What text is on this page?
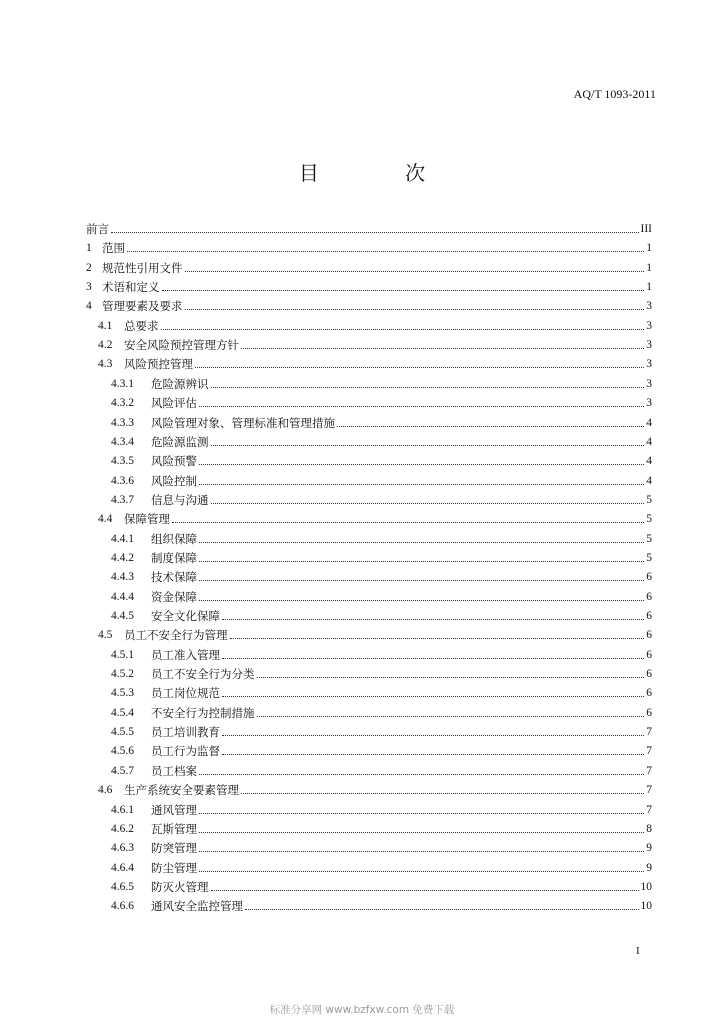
AQ/T 1093-2011
目 次
前言	III
1 范围	1
2 规范性引用文件	1
3 术语和定义	1
4 管理要素及要求	3
4.1	总要求	3
4.2	安全风险预控管理方针	3
4.3	风险预控管理	3
4.3.1	危险源辨识	3
4.3.2	风险评估	3
4.3.3	风险管理对象、管理标准和管理措施	4
4.3.4	危险源监测	4
4.3.5	风险预警	4
4.3.6	风险控制	4
4.3.7	信息与沟通	5
4.4	保障管理	5
4.4.1	组织保障	5
4.4.2	制度保障	5
4.4.3	技术保障	6
4.4.4	资金保障	6
4.4.5	安全文化保障	6
4.5	员工不安全行为管理	6
4.5.1	员工准入管理	6
4.5.2	员工不安全行为分类	6
4.5.3	员工岗位规范	6
4.5.4	不安全行为控制措施	6
4.5.5	员工培训教育	7
4.5.6	员工行为监督	7
4.5.7	员工档案	7
4.6	生产系统安全要素管理	7
4.6.1	通风管理	7
4.6.2	瓦斯管理	8
4.6.3	防突管理	9
4.6.4	防尘管理	9
4.6.5	防灭火管理	10
4.6.6	通风安全监控管理	10
I
标准分享网 www.bzfxw.com 免费下载
